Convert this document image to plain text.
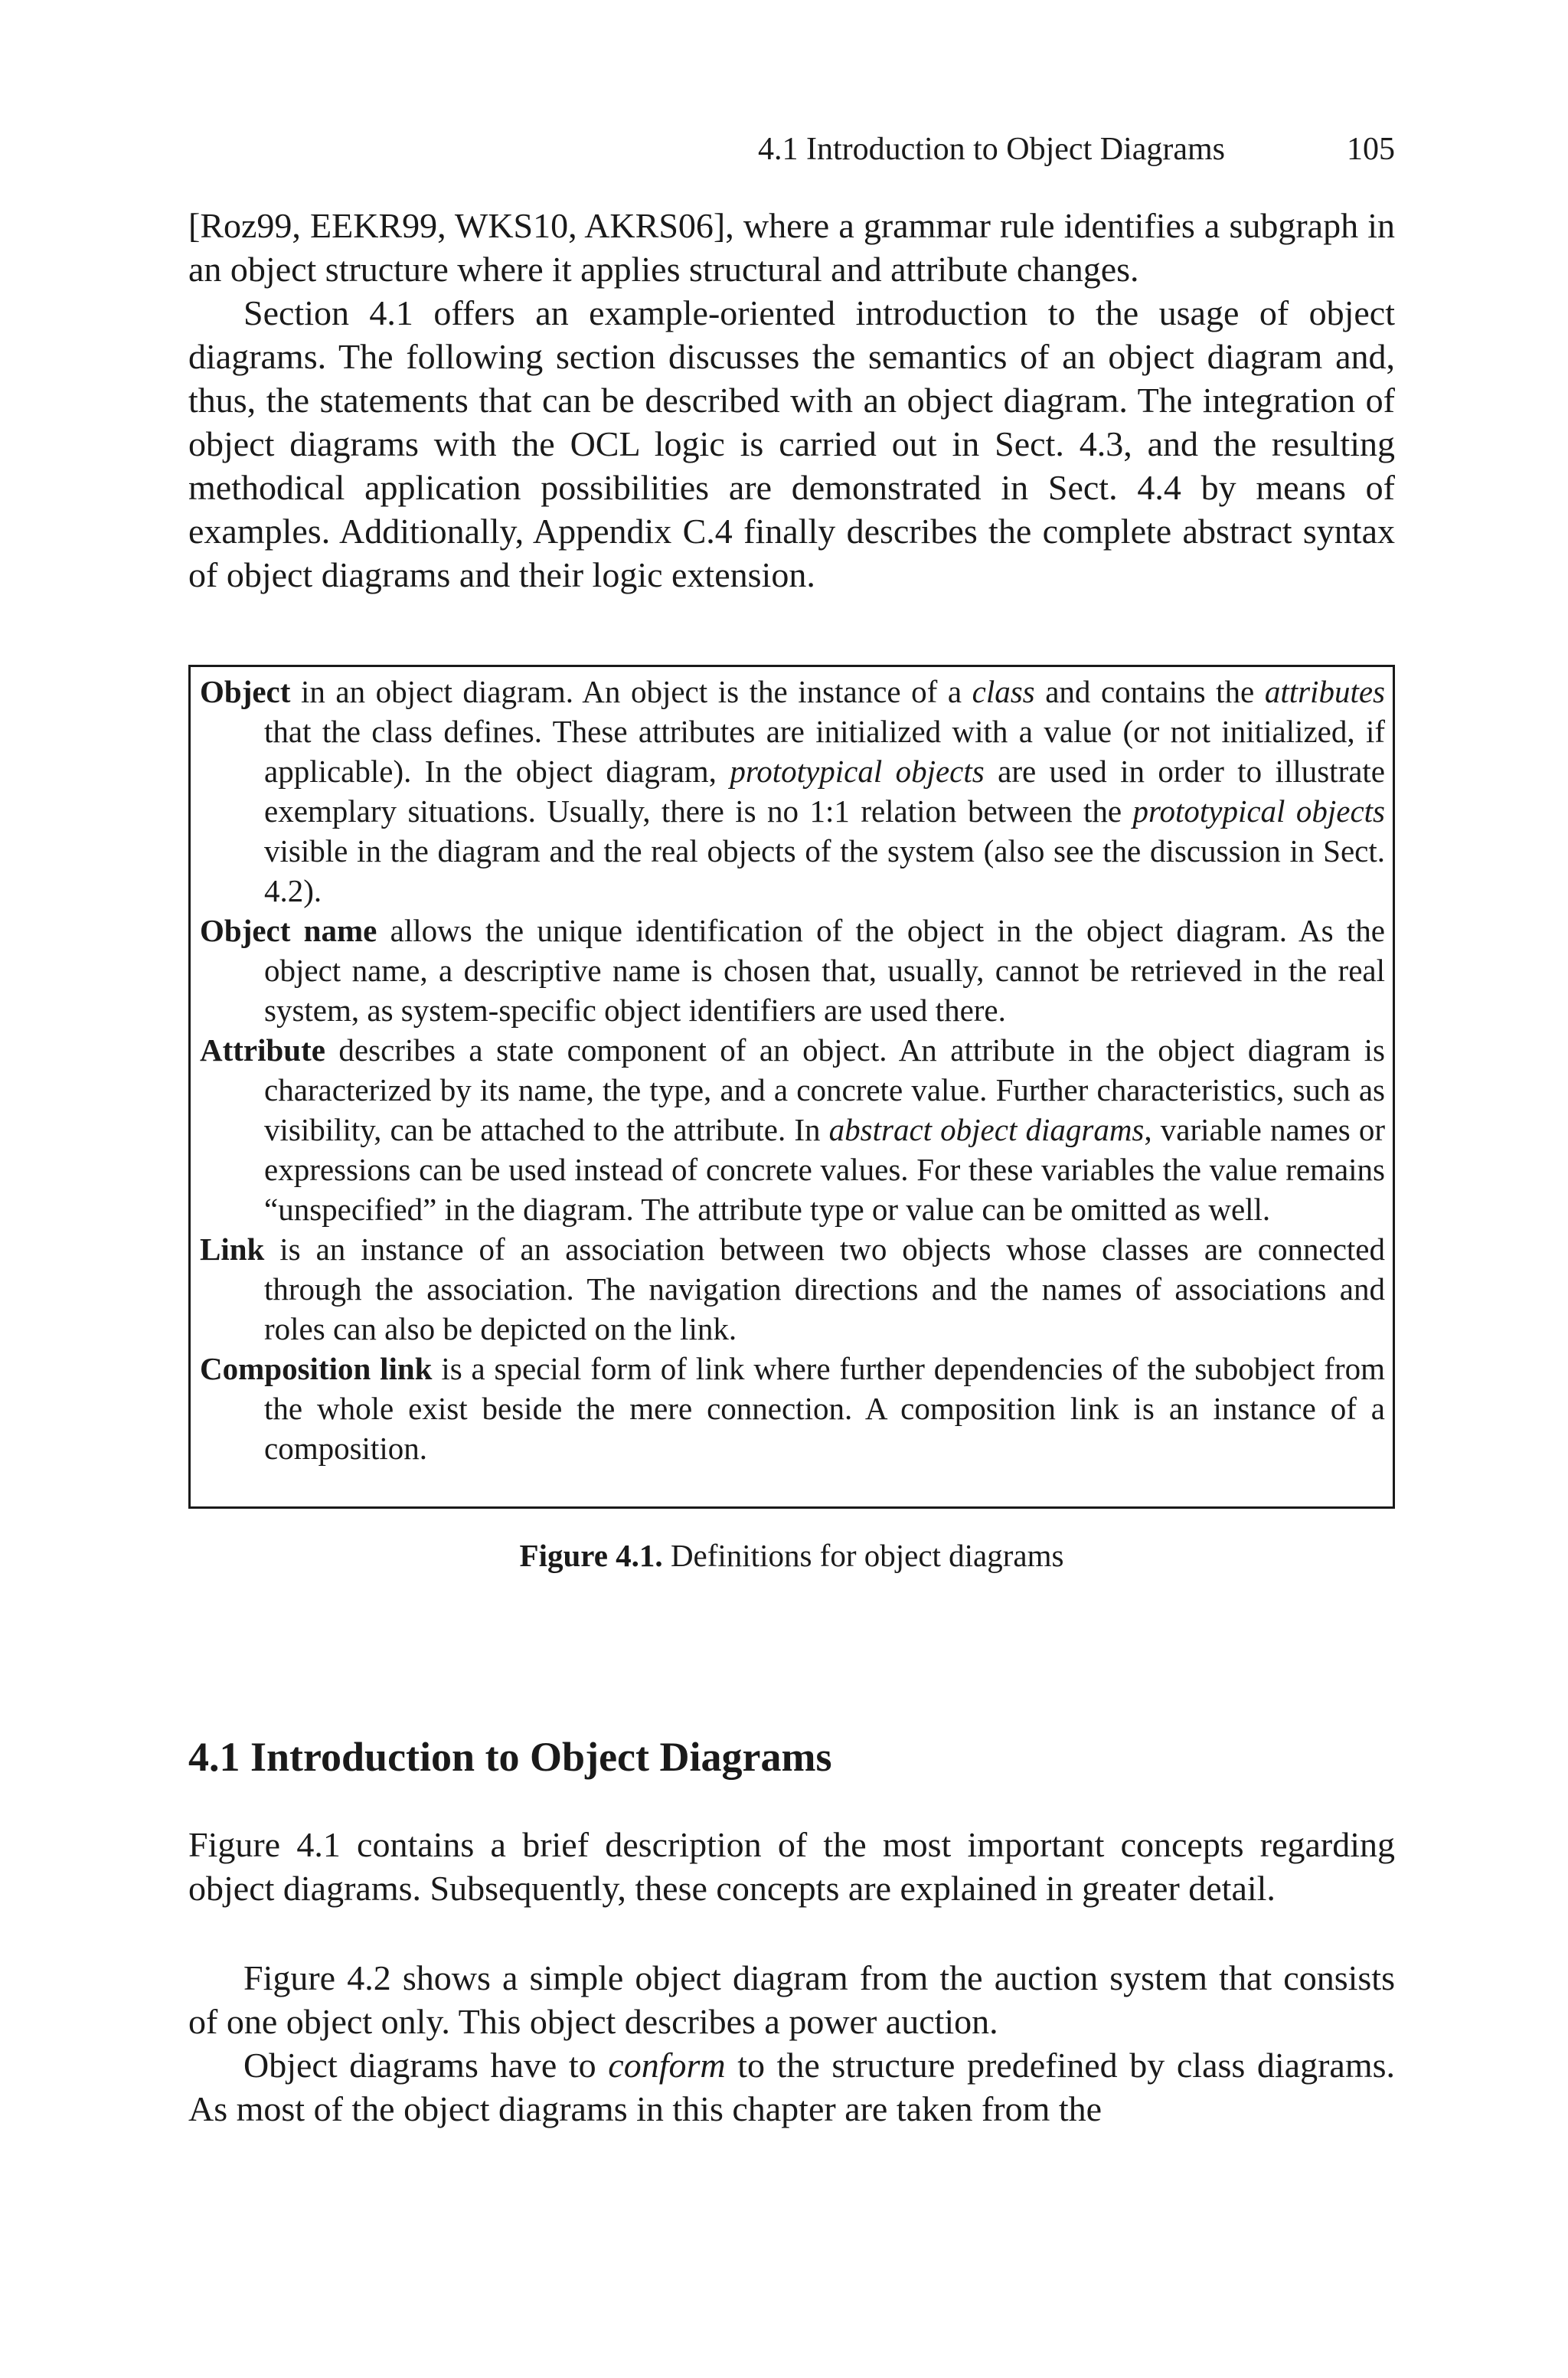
4.1 Introduction to Object Diagrams	105

[Roz99, EEKR99, WKS10, AKRS06], where a grammar rule identifies a subgraph in an object structure where it applies structural and attribute changes.

Section 4.1 offers an example-oriented introduction to the usage of object diagrams. The following section discusses the semantics of an object diagram and, thus, the statements that can be described with an object diagram. The integration of object diagrams with the OCL logic is carried out in Sect. 4.3, and the resulting methodical application possibilities are demonstrated in Sect. 4.4 by means of examples. Additionally, Appendix C.4 finally describes the complete abstract syntax of object diagrams and their logic extension.

Object in an object diagram. An object is the instance of a class and contains the attributes that the class defines. These attributes are initialized with a value (or not initialized, if applicable). In the object diagram, prototypical objects are used in order to illustrate exemplary situations. Usually, there is no 1:1 relation between the prototypical objects visible in the diagram and the real objects of the system (also see the discussion in Sect. 4.2).

Object name allows the unique identification of the object in the object diagram. As the object name, a descriptive name is chosen that, usually, cannot be retrieved in the real system, as system-specific object identifiers are used there.

Attribute describes a state component of an object. An attribute in the object diagram is characterized by its name, the type, and a concrete value. Further characteristics, such as visibility, can be attached to the attribute. In abstract object diagrams, variable names or expressions can be used instead of concrete values. For these variables the value remains “unspecified” in the diagram. The attribute type or value can be omitted as well.

Link is an instance of an association between two objects whose classes are connected through the association. The navigation directions and the names of associations and roles can also be depicted on the link.

Composition link is a special form of link where further dependencies of the subobject from the whole exist beside the mere connection. A composition link is an instance of a composition.

Figure 4.1. Definitions for object diagrams
4.1 Introduction to Object Diagrams

Figure 4.1 contains a brief description of the most important concepts regarding object diagrams. Subsequently, these concepts are explained in greater detail.

Figure 4.2 shows a simple object diagram from the auction system that consists of one object only. This object describes a power auction.

Object diagrams have to conform to the structure predefined by class diagrams. As most of the object diagrams in this chapter are taken from the
